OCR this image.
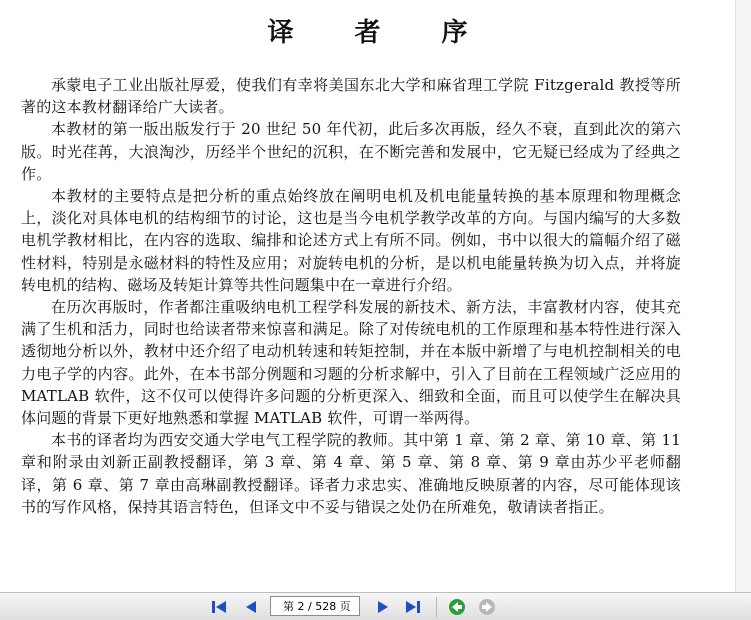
译 者 序

承蒙电子工业出版社厚爱，使我们有幸将美国东北大学和麻省理工学院 Fitzgerald 教授等所著的这本教材翻译给广大读者。

本教材的第一版出版发行于 20 世纪 50 年代初，此后多次再版，经久不衰，直到此次的第六版。时光荏苒，大浪淘沙，历经半个世纪的沉积，在不断完善和发展中，它无疑已经成为了经典之作。

本教材的主要特点是把分析的重点始终放在阐明电机及机电能量转换的基本原理和物理概念上，淡化对具体电机的结构细节的讨论，这也是当今电机学教学改革的方向。与国内编写的大多数电机学教材相比，在内容的选取、编排和论述方式上有所不同。例如，书中以很大的篇幅介绍了磁性材料，特别是永磁材料的特性及应用；对旋转电机的分析，是以机电能量转换为切入点，并将旋转电机的结构、磁场及转矩计算等共性问题集中在一章进行介绍。

在历次再版时，作者都注重吸纳电机工程学科发展的新技术、新方法，丰富教材内容，使其充满了生机和活力，同时也给读者带来惊喜和满足。除了对传统电机的工作原理和基本特性进行深入透彻地分析以外，教材中还介绍了电动机转速和转矩控制，并在本版中新增了与电机控制相关的电力电子学的内容。此外，在本书部分例题和习题的分析求解中，引入了目前在工程领域广泛应用的 MATLAB 软件，这不仅可以使得许多问题的分析更深入、细致和全面，而且可以使学生在解决具体问题的背景下更好地熟悉和掌握 MATLAB 软件，可谓一举两得。

本书的译者均为西安交通大学电气工程学院的教师。其中第 1 章、第 2 章、第 10 章、第 11 章和附录由刘新正副教授翻译，第 3 章、第 4 章、第 5 章、第 8 章、第 9 章由苏少平老师翻译，第 6 章、第 7 章由高琳副教授翻译。译者力求忠实、准确地反映原著的内容，尽可能体现该书的写作风格，保持其语言特色，但译文中不妥与错误之处仍在所难免，敬请读者指正。

第 2 / 528 页
